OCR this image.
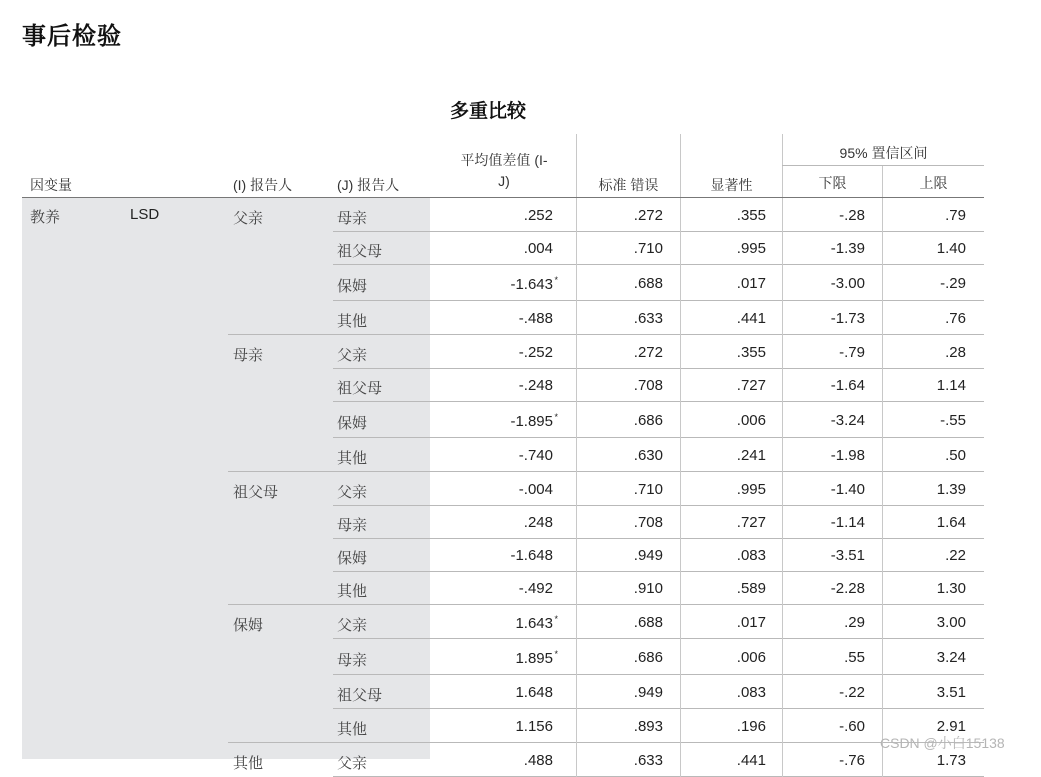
事后检验
多重比较
因变量	(I) 报告人	(J) 报告人
平均值差值 (I-
J)	标准 错误	显著性
95% 置信区间
下限	上限
教养	LSD	父亲	母亲	.252	.272	.355	-.28	.79
祖父母	.004	.710	.995	-1.39	1.40
保姆	-1.643*	.688	.017	-3.00	-.29
其他	-.488	.633	.441	-1.73	.76
母亲	父亲	-.252	.272	.355	-.79	.28
祖父母	-.248	.708	.727	-1.64	1.14
保姆	-1.895*	.686	.006	-3.24	-.55
其他	-.740	.630	.241	-1.98	.50
祖父母	父亲	-.004	.710	.995	-1.40	1.39
母亲	.248	.708	.727	-1.14	1.64
保姆	-1.648	.949	.083	-3.51	.22
其他	-.492	.910	.589	-2.28	1.30
保姆	父亲	1.643*	.688	.017	.29	3.00
母亲	1.895*	.686	.006	.55	3.24
祖父母	1.648	.949	.083	-.22	3.51
其他	1.156	.893	.196	-.60	2.91
其他	父亲	.488	.633	.441	-.76	1.73
CSDN @小白15138
